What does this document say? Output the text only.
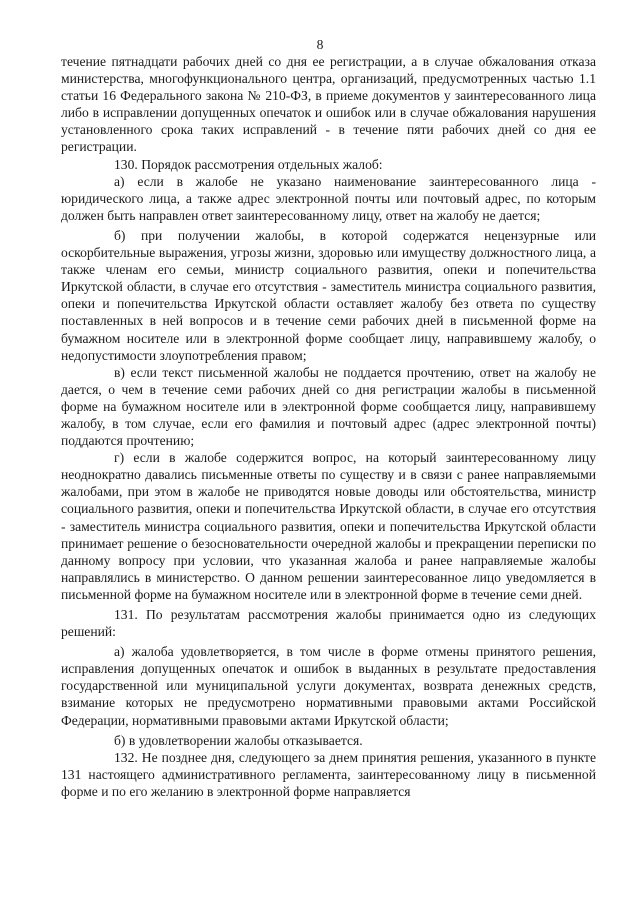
8

течение пятнадцати рабочих дней со дня ее регистрации, а в случае обжалования отказа министерства, многофункционального центра, организаций, предусмотренных частью 1.1 статьи 16 Федерального закона № 210-ФЗ, в приеме документов у заинтересованного лица либо в исправлении допущенных опечаток и ошибок или в случае обжалования нарушения установленного срока таких исправлений - в течение пяти рабочих дней со дня ее регистрации.

130. Порядок рассмотрения отдельных жалоб:

а) если в жалобе не указано наименование заинтересованного лица - юридического лица, а также адрес электронной почты или почтовый адрес, по которым должен быть направлен ответ заинтересованному лицу, ответ на жалобу не дается;

б) при получении жалобы, в которой содержатся нецензурные или оскорбительные выражения, угрозы жизни, здоровью или имуществу должностного лица, а также членам его семьи, министр социального развития, опеки и попечительства Иркутской области, в случае его отсутствия - заместитель министра социального развития, опеки и попечительства Иркутской области оставляет жалобу без ответа по существу поставленных в ней вопросов и в течение семи рабочих дней в письменной форме на бумажном носителе или в электронной форме сообщает лицу, направившему жалобу, о недопустимости злоупотребления правом;

в) если текст письменной жалобы не поддается прочтению, ответ на жалобу не дается, о чем в течение семи рабочих дней со дня регистрации жалобы в письменной форме на бумажном носителе или в электронной форме сообщается лицу, направившему жалобу, в том случае, если его фамилия и почтовый адрес (адрес электронной почты) поддаются прочтению;

г) если в жалобе содержится вопрос, на который заинтересованному лицу неоднократно давались письменные ответы по существу и в связи с ранее направляемыми жалобами, при этом в жалобе не приводятся новые доводы или обстоятельства, министр социального развития, опеки и попечительства Иркутской области, в случае его отсутствия - заместитель министра социального развития, опеки и попечительства Иркутской области принимает решение о безосновательности очередной жалобы и прекращении переписки по данному вопросу при условии, что указанная жалоба и ранее направляемые жалобы направлялись в министерство. О данном решении заинтересованное лицо уведомляется в письменной форме на бумажном носителе или в электронной форме в течение семи дней.

131. По результатам рассмотрения жалобы принимается одно из следующих решений:

а) жалоба удовлетворяется, в том числе в форме отмены принятого решения, исправления допущенных опечаток и ошибок в выданных в результате предоставления государственной или муниципальной услуги документах, возврата денежных средств, взимание которых не предусмотрено нормативными правовыми актами Российской Федерации, нормативными правовыми актами Иркутской области;

б) в удовлетворении жалобы отказывается.

132. Не позднее дня, следующего за днем принятия решения, указанного в пункте 131 настоящего административного регламента, заинтересованному лицу в письменной форме и по его желанию в электронной форме направляется
